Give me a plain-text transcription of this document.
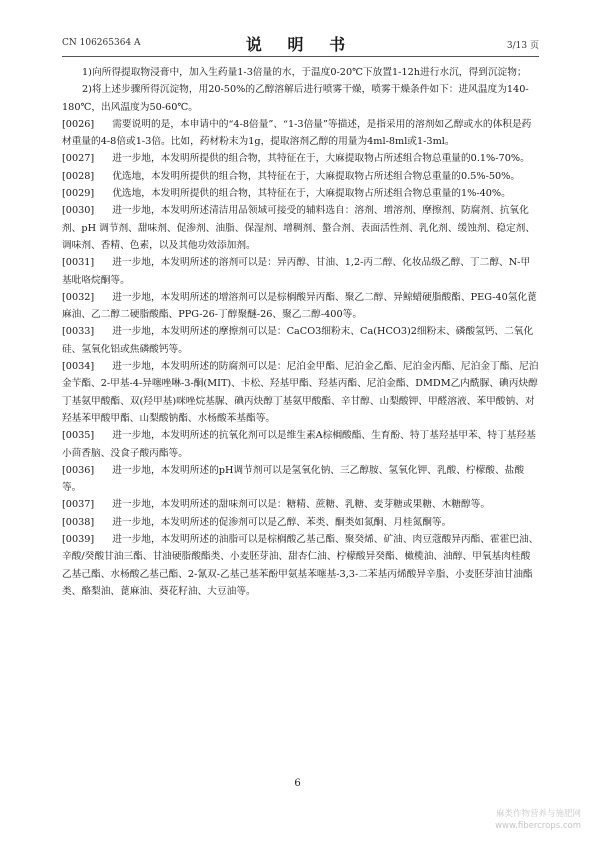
CN 106265364 A	说 明 书	3/13 页

1)向所得提取物浸膏中，加入生药量1-3倍量的水，于温度0-20℃下放置1-12h进行水沉，得到沉淀物；

2)将上述步骤所得沉淀物，用20-50%的乙醇溶解后进行喷雾干燥，喷雾干燥条件如下：进风温度为140-180℃，出风温度为50-60℃。

[0026] 需要说明的是，本申请中的“4-8倍量”、“1-3倍量”等描述，是指采用的溶剂如乙醇或水的体积是药材重量的4-8倍或1-3倍。比如，药材粉末为1g，提取溶剂乙醇的用量为4ml-8ml或1-3ml。

[0027] 进一步地，本发明所提供的组合物，其特征在于，大麻提取物占所述组合物总重量的0.1%-70%。

[0028] 优选地，本发明所提供的组合物，其特征在于，大麻提取物占所述组合物总重量的0.5%-50%。

[0029] 优选地，本发明所提供的组合物，其特征在于，大麻提取物占所述组合物总重量的1%-40%。

[0030] 进一步地，本发明所述清洁用品领域可接受的辅料选自：溶剂、增溶剂、摩擦剂、防腐剂、抗氧化剂、pH 调节剂、甜味剂、促渗剂、油脂、保湿剂、增稠剂、螯合剂、表面活性剂、乳化剂、缓蚀剂、稳定剂、调味剂、香精、色素，以及其他功效添加剂。

[0031] 进一步地，本发明所述的溶剂可以是：异丙醇、甘油、1,2-丙二醇、化妆品级乙醇、丁二醇、N-甲基吡咯烷酮等。

[0032] 进一步地，本发明所述的增溶剂可以是棕榈酸异丙酯、聚乙二醇、异鲸蜡硬脂酸酯、PEG-40氢化蓖麻油、乙二醇二硬脂酸酯、PPG-26-丁醇聚醚-26、聚乙二醇-400等。

[0033] 进一步地，本发明所述的摩擦剂可以是：CaCO3细粉末、Ca(HCO3)2细粉末、磷酸氢钙、二氧化硅、氢氧化铝或焦磷酸钙等。

[0034] 进一步地，本发明所述的防腐剂可以是：尼泊金甲酯、尼泊金乙酯、尼泊金丙酯、尼泊金丁酯、尼泊金苄酯、2-甲基-4-异噻唑啉-3-酮(MIT)、卡松、羟基甲酯、羟基丙酯、尼泊金酯、DMDM乙内酰脲、碘丙炔醇丁基氨甲酸酯、双(羟甲基)咪唑烷基脲、碘丙炔醇丁基氨甲酸酯、辛甘醇、山梨酸钾、甲醛溶液、苯甲酸钠、对羟基苯甲酸甲酯、山梨酸钠酯、水杨酸苯基酯等。

[0035] 进一步地，本发明所述的抗氧化剂可以是维生素A棕榈酸酯、生育酚、特丁基羟基甲苯、特丁基羟基小茴香脑、没食子酸丙酯等。

[0036] 进一步地，本发明所述的pH调节剂可以是氢氧化钠、三乙醇胺、氢氧化钾、乳酸、柠檬酸、盐酸等。

[0037] 进一步地，本发明所述的甜味剂可以是：糖精、蔗糖、乳糖、麦芽糖或果糖、木糖醇等。

[0038] 进一步地，本发明所述的促渗剂可以是乙醇、苯类、酮类如氮酮、月桂氮酮等。

[0039] 进一步地，本发明所述的油脂可以是棕榈酸乙基己酯、聚癸烯、矿油、肉豆蔻酸异丙酯、霍霍巴油、辛酸/癸酸甘油三酯、甘油硬脂酸酯类、小麦胚芽油、甜杏仁油、柠檬酸异癸酯、橄榄油、油醇、甲氧基肉桂酸乙基己酯、水杨酸乙基己酯、2-氰双-乙基己基苯酚甲氨基苯噻基-3,3-二苯基丙烯酸异辛脂、小麦胚芽油甘油酯类、酪梨油、蓖麻油、葵花籽油、大豆油等。

6
麻类作物营养与施肥网
www.fibercrops.com
